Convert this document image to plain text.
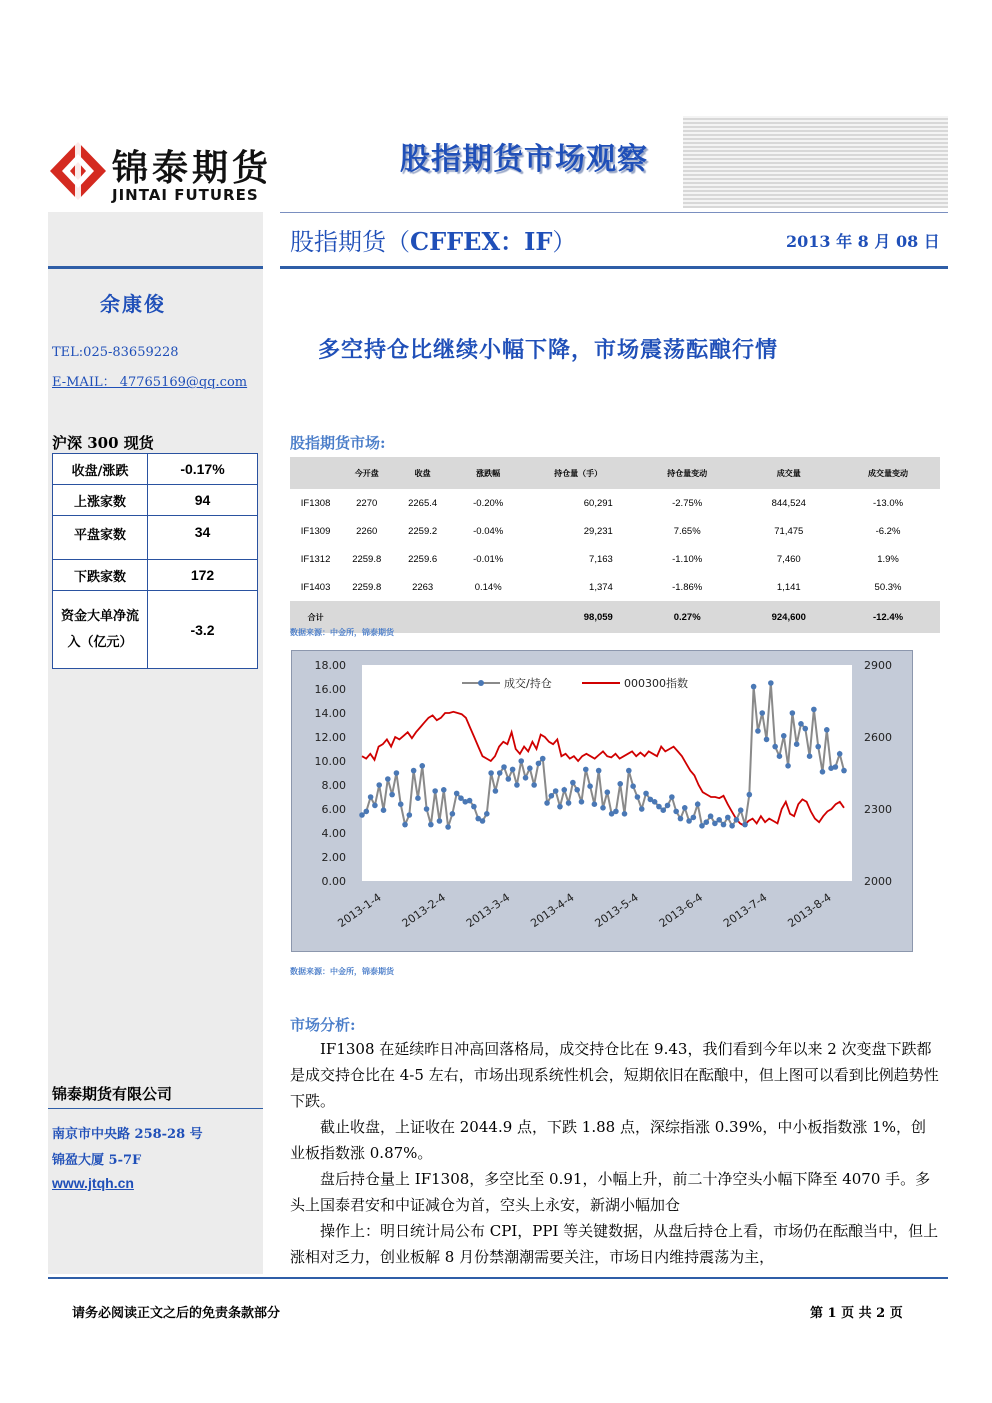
锦泰期货
JINTAI FUTURES
股指期货市场观察
股指期货（CFFEX：IF）	2013 年 8 月 08 日
余康俊
TEL:025-83659228
E-MAIL： 47765169@qq.com
沪深 300 现货
收盘/涨跌	-0.17%
上涨家数	94
平盘家数	34
下跌家数	172
资金大单净流入（亿元）	-3.2
锦泰期货有限公司
南京市中央路 258-28 号
锦盈大厦 5-7F
www.jtqh.cn
多空持仓比继续小幅下降，市场震荡酝酿行情
股指期货市场:
	今开盘	收盘	涨跌幅	持仓量（手）	持仓量变动	成交量	成交量变动
IF1308	2270	2265.4	-0.20%	60,291	-2.75%	844,524	-13.0%
IF1309	2260	2259.2	-0.04%	29,231	7.65%	71,475	-6.2%
IF1312	2259.8	2259.6	-0.01%	7,163	-1.10%	7,460	1.9%
IF1403	2259.8	2263	0.14%	1,374	-1.86%	1,141	50.3%
合计				98,059	0.27%	924,600	-12.4%
数据来源：中金所，锦泰期货
18.00
16.00
14.00
12.00
10.00
8.00
6.00
4.00
2.00
0.00
2900
2600
2300
2000
2013-1-4 2013-2-4 2013-3-4 2013-4-4 2013-5-4 2013-6-4 2013-7-4 2013-8-4
成交/持仓	000300指数
数据来源：中金所，锦泰期货
市场分析:
IF1308 在延续昨日冲高回落格局，成交持仓比在 9.43，我们看到今年以来 2 次变盘下跌都是成交持仓比在 4-5 左右，市场出现系统性机会，短期依旧在酝酿中，但上图可以看到比例趋势性下跌。
截止收盘，上证收在 2044.9 点，下跌 1.88 点，深综指涨 0.39%，中小板指数涨 1%，创业板指数涨 0.87%。
盘后持仓量上 IF1308，多空比至 0.91，小幅上升，前二十净空头小幅下降至 4070 手。多头上国泰君安和中证减仓为首，空头上永安，新湖小幅加仓
操作上：明日统计局公布 CPI，PPI 等关键数据，从盘后持仓上看，市场仍在酝酿当中，但上涨相对乏力，创业板解 8 月份禁潮潮需要关注，市场日内维持震荡为主，
请务必阅读正文之后的免责条款部分	第 1 页 共 2 页
